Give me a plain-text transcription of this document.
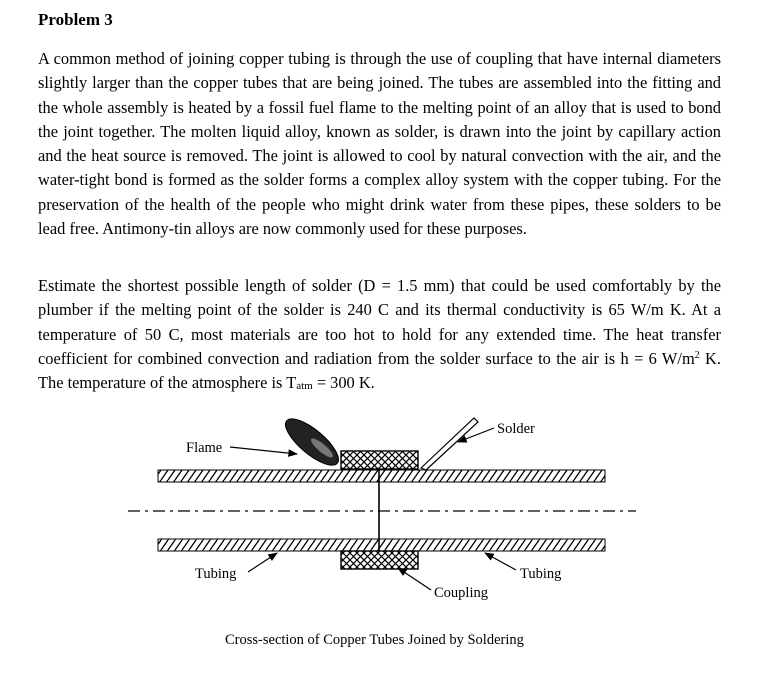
Problem 3

A common method of joining copper tubing is through the use of coupling that have internal diameters slightly larger than the copper tubes that are being joined. The tubes are assembled into the fitting and the whole assembly is heated by a fossil fuel flame to the melting point of an alloy that is used to bond the joint together. The molten liquid alloy, known as solder, is drawn into the joint by capillary action and the heat source is removed. The joint is allowed to cool by natural convection with the air, and the water-tight bond is formed as the solder forms a complex alloy system with the copper tubing. For the preservation of the health of the people who might drink water from these pipes, these solders to be lead free. Antimony-tin alloys are now commonly used for these purposes.

Estimate the shortest possible length of solder (D = 1.5 mm) that could be used comfortably by the plumber if the melting point of the solder is 240 C and its thermal conductivity is 65 W/m K. At a temperature of 50 C, most materials are too hot to hold for any extended time. The heat transfer coefficient for combined convection and radiation from the solder surface to the air is h = 6 $W/m^2$ K. The temperature of the atmosphere is $T_{atm} = 300$ K.

Flame
Solder
Tubing	Tubing
Coupling
Cross-section of Copper Tubes Joined by Soldering
